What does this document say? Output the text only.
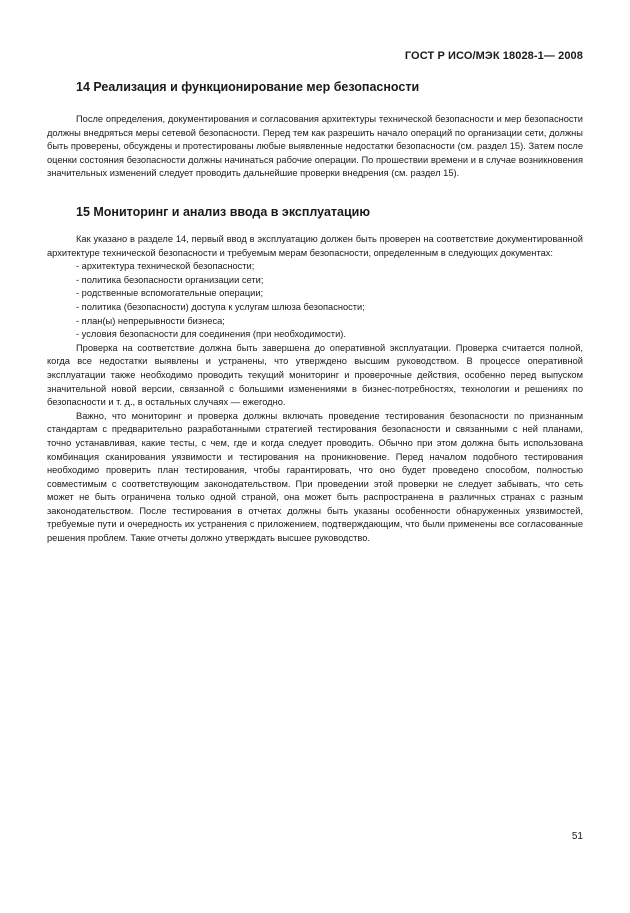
ГОСТ Р ИСО/МЭК 18028-1— 2008
14 Реализация и функционирование мер безопасности

После определения, документирования и согласования архитектуры технической безопасности и мер безопасности должны внедряться меры сетевой безопасности. Перед тем как разрешить начало операций по организации сети, должны быть проверены, обсуждены и протестированы любые выявленные недостатки безопасности (см. раздел 15). Затем после оценки состояния безопасности должны начинаться рабочие операции. По прошествии времени и в случае возникновения значительных изменений следует проводить дальнейшие проверки внедрения (см. раздел 15).

15 Мониторинг и анализ ввода в эксплуатацию

Как указано в разделе 14, первый ввод в эксплуатацию должен быть проверен на соответствие документированной архитектуре технической безопасности и требуемым мерам безопасности, определенным в следующих документах:

- архитектура технической безопасности;
- политика безопасности организации сети;
- родственные вспомогательные операции;
- политика (безопасности) доступа к услугам шлюза безопасности;
- план(ы) непрерывности бизнеса;
- условия безопасности для соединения (при необходимости).

Проверка на соответствие должна быть завершена до оперативной эксплуатации. Проверка считается полной, когда все недостатки выявлены и устранены, что утверждено высшим руководством. В процессе оперативной эксплуатации также необходимо проводить текущий мониторинг и проверочные действия, особенно перед выпуском значительной новой версии, связанной с большими изменениями в бизнес-потребностях, технологии и решениях по безопасности и т. д., в остальных случаях — ежегодно.

Важно, что мониторинг и проверка должны включать проведение тестирования безопасности по признанным стандартам с предварительно разработанными стратегией тестирования безопасности и связанными с ней планами, точно устанавливая, какие тесты, с чем, где и когда следует проводить. Обычно при этом должна быть использована комбинация сканирования уязвимости и тестирования на проникновение. Перед началом подобного тестирования необходимо проверить план тестирования, чтобы гарантировать, что оно будет проведено способом, полностью совместимым с соответствующим законодательством. При проведении этой проверки не следует забывать, что сеть может не быть ограничена только одной страной, она может быть распространена в различных странах с разным законодательством. После тестирования в отчетах должны быть указаны особенности обнаруженных уязвимостей, требуемые пути и очередность их устранения с приложением, подтверждающим, что были применены все согласованные решения проблем. Такие отчеты должно утверждать высшее руководство.

51
